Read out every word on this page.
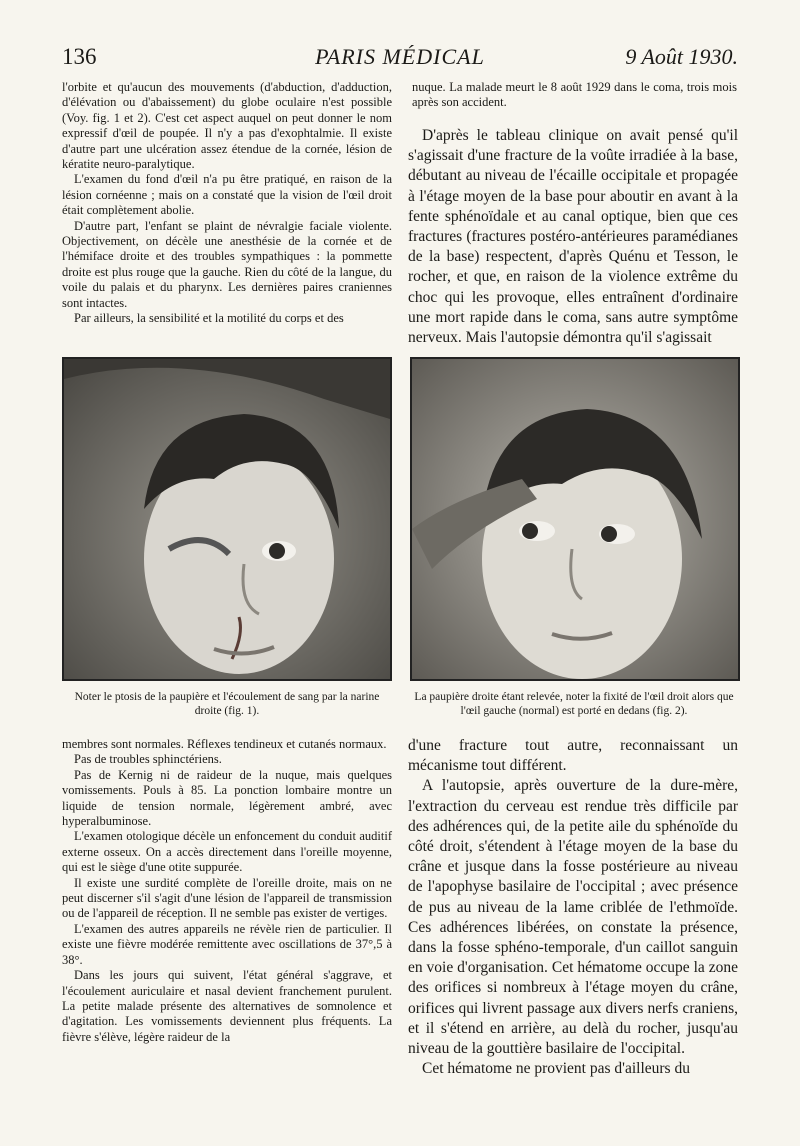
136	PARIS MÉDICAL	9 Août 1930.

l'orbite et qu'aucun des mouvements (d'abduction, d'adduction, d'élévation ou d'abaissement) du globe oculaire n'est possible (Voy. fig. 1 et 2). C'est cet aspect auquel on peut donner le nom expressif d'œil de poupée. Il n'y a pas d'exophtalmie. Il existe d'autre part une ulcération assez étendue de la cornée, lésion de kératite neuro-paralytique.

L'examen du fond d'œil n'a pu être pratiqué, en raison de la lésion cornéenne ; mais on a constaté que la vision de l'œil droit était complètement abolie.

D'autre part, l'enfant se plaint de névralgie faciale violente. Objectivement, on décèle une anesthésie de la cornée et de l'hémiface droite et des troubles sympathiques : la pommette droite est plus rouge que la gauche. Rien du côté de la langue, du voile du palais et du pharynx. Les dernières paires craniennes sont intactes.

Par ailleurs, la sensibilité et la motilité du corps et des

nuque. La malade meurt le 8 août 1929 dans le coma, trois mois après son accident.

D'après le tableau clinique on avait pensé qu'il s'agissait d'une fracture de la voûte irradiée à la base, débutant au niveau de l'écaille occipitale et propagée à l'étage moyen de la base pour aboutir en avant à la fente sphénoïdale et au canal optique, bien que ces fractures (fractures postéro-antérieures paramédianes de la base) respectent, d'après Quénu et Tesson, le rocher, et que, en raison de la violence extrême du choc qui les provoque, elles entraînent d'ordinaire une mort rapide dans le coma, sans autre symptôme nerveux. Mais l'autopsie démontra qu'il s'agissait

Noter le ptosis de la paupière et l'écoulement de sang par la narine droite (fig. 1).
La paupière droite étant relevée, noter la fixité de l'œil droit alors que l'œil gauche (normal) est porté en dedans (fig. 2).

membres sont normales. Réflexes tendineux et cutanés normaux.

Pas de troubles sphinctériens.

Pas de Kernig ni de raideur de la nuque, mais quelques vomissements. Pouls à 85. La ponction lombaire montre un liquide de tension normale, légèrement ambré, avec hyperalbuminose.

L'examen otologique décèle un enfoncement du conduit auditif externe osseux. On a accès directement dans l'oreille moyenne, qui est le siège d'une otite suppurée.

Il existe une surdité complète de l'oreille droite, mais on ne peut discerner s'il s'agit d'une lésion de l'appareil de transmission ou de l'appareil de réception. Il ne semble pas exister de vertiges.

L'examen des autres appareils ne révèle rien de particulier. Il existe une fièvre modérée remittente avec oscillations de 37°,5 à 38°.

Dans les jours qui suivent, l'état général s'aggrave, et l'écoulement auriculaire et nasal devient franchement purulent. La petite malade présente des alternatives de somnolence et d'agitation. Les vomissements deviennent plus fréquents. La fièvre s'élève, légère raideur de la

d'une fracture tout autre, reconnaissant un mécanisme tout différent.

A l'autopsie, après ouverture de la dure-mère, l'extraction du cerveau est rendue très difficile par des adhérences qui, de la petite aile du sphénoïde du côté droit, s'étendent à l'étage moyen de la base du crâne et jusque dans la fosse postérieure au niveau de l'apophyse basilaire de l'occipital ; avec présence de pus au niveau de la lame criblée de l'ethmoïde. Ces adhérences libérées, on constate la présence, dans la fosse sphéno-temporale, d'un caillot sanguin en voie d'organisation. Cet hématome occupe la zone des orifices si nombreux à l'étage moyen du crâne, orifices qui livrent passage aux divers nerfs craniens, et il s'étend en arrière, au delà du rocher, jusqu'au niveau de la gouttière basilaire de l'occipital.

Cet hématome ne provient pas d'ailleurs du
